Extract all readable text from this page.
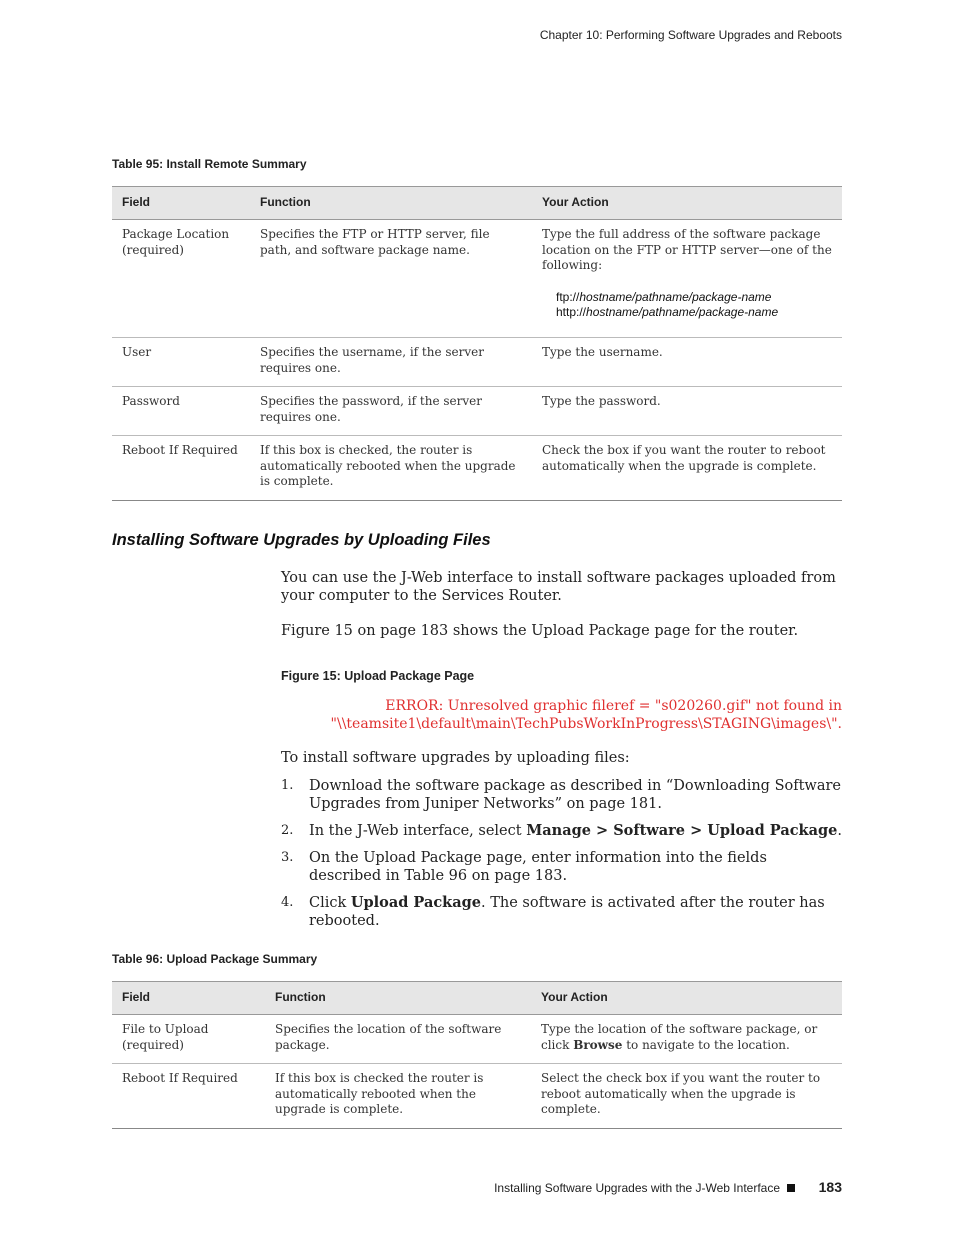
Chapter 10: Performing Software Upgrades and Reboots
Table 95: Install Remote Summary
Field	Function	Your Action
Package Location (required)	Specifies the FTP or HTTP server, file path, and software package name.	Type the full address of the software package location on the FTP or HTTP server—one of the following:
ftp://hostname/pathname/package-name
http://hostname/pathname/package-name

User	Specifies the username, if the server requires one.	Type the username.
Password	Specifies the password, if the server requires one.	Type the password.
Reboot If Required	If this box is checked, the router is automatically rebooted when the upgrade is complete.	Check the box if you want the router to reboot automatically when the upgrade is complete.
Installing Software Upgrades by Uploading Files
You can use the J-Web interface to install software packages uploaded from your computer to the Services Router.
Figure 15 on page 183 shows the Upload Package page for the router.
Figure 15: Upload Package Page
ERROR: Unresolved graphic fileref = "s020260.gif" not found in
"\\teamsite1\default\main\TechPubsWorkInProgress\STAGING\images\".
To install software upgrades by uploading files:
1. Download the software package as described in “Downloading Software Upgrades from Juniper Networks” on page 181.
2. In the J-Web interface, select Manage > Software > Upload Package.
3. On the Upload Package page, enter information into the fields described in Table 96 on page 183.
4. Click Upload Package. The software is activated after the router has rebooted.
Table 96: Upload Package Summary
Field	Function	Your Action
File to Upload (required)	Specifies the location of the software package.	Type the location of the software package, or click Browse to navigate to the location.
Reboot If Required	If this box is checked the router is automatically rebooted when the upgrade is complete.	Select the check box if you want the router to reboot automatically when the upgrade is complete.
Installing Software Upgrades with the J-Web Interface	183
